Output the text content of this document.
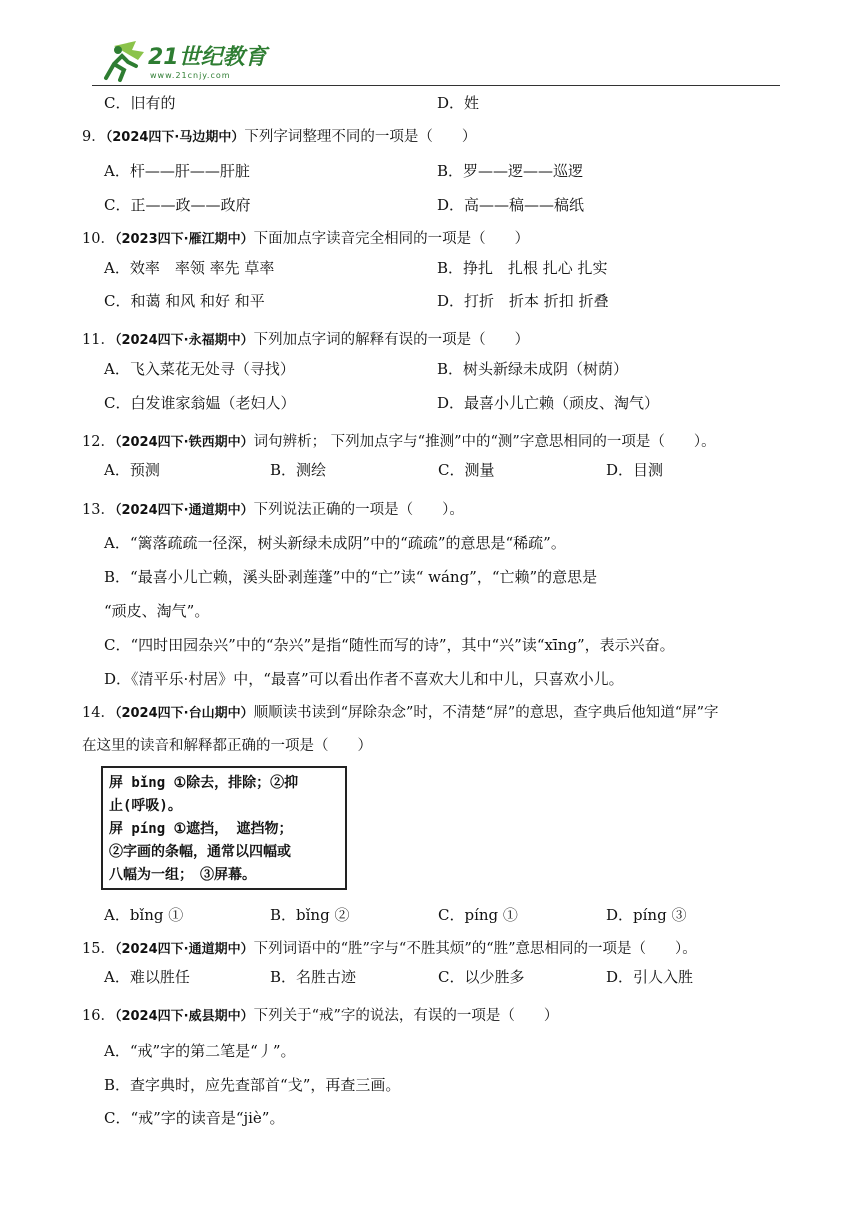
21世纪教育
www.21cnjy.com
C．旧有的	D．姓
9．（2024四下·马边期中）下列字词整理不同的一项是（　　）
A．杆——肝——肝脏	B．罗——逻——巡逻
C．正——政——政府	D．高——稿——稿纸
10．（2023四下·雁江期中）下面加点字读音完全相同的一项是（　　）
A．效率　率领 率先 草率	B．挣扎　扎根 扎心 扎实
C．和蔼 和风 和好 和平	D．打折　折本 折扣 折叠
11．（2024四下·永福期中）下列加点字词的解释有误的一项是（　　）
A．飞入菜花无处寻（寻找）	B．树头新绿未成阴（树荫）
C．白发谁家翁媪（老妇人）	D．最喜小儿亡赖（顽皮、淘气）
12．（2024四下·铁西期中）词句辨析； 下列加点字与“推测”中的“测”字意思相同的一项是（　　）。
A．预测	B．测绘	C．测量	D．目测
13．（2024四下·通道期中）下列说法正确的一项是（　　）。
A．“篱落疏疏一径深，树头新绿未成阴”中的“疏疏”的意思是“稀疏”。
B．“最喜小儿亡赖，溪头卧剥莲蓬”中的“亡”读“ wáng”，“亡赖”的意思是
“顽皮、淘气”。
C．“四时田园杂兴”中的“杂兴”是指“随性而写的诗”，其中“兴”读“xīng”，表示兴奋。
D．《清平乐·村居》中，“最喜”可以看出作者不喜欢大儿和中儿，只喜欢小儿。
14．（2024四下·台山期中）顺顺读书读到“屏除杂念”时，不清楚“屏”的意思，查字典后他知道“屏”字
在这里的读音和解释都正确的一项是（　　）
屏 bǐng ①除去，排除；②抑
止(呼吸)。
屏 píng ①遮挡， 遮挡物；
②字画的条幅，通常以四幅或
八幅为一组；　③屏幕。
A．bǐng ①	B．bǐng ②	C．píng ①	D．píng ③
15．（2024四下·通道期中）下列词语中的“胜”字与“不胜其烦”的“胜”意思相同的一项是（　　）。
A．难以胜任	B．名胜古迹	C．以少胜多	D．引人入胜
16．（2024四下·威县期中）下列关于“戒”字的说法，有误的一项是（　　）
A．“戒”字的第二笔是“丿”。
B．查字典时，应先查部首“戈”，再查三画。
C．“戒”字的读音是“jiè”。
